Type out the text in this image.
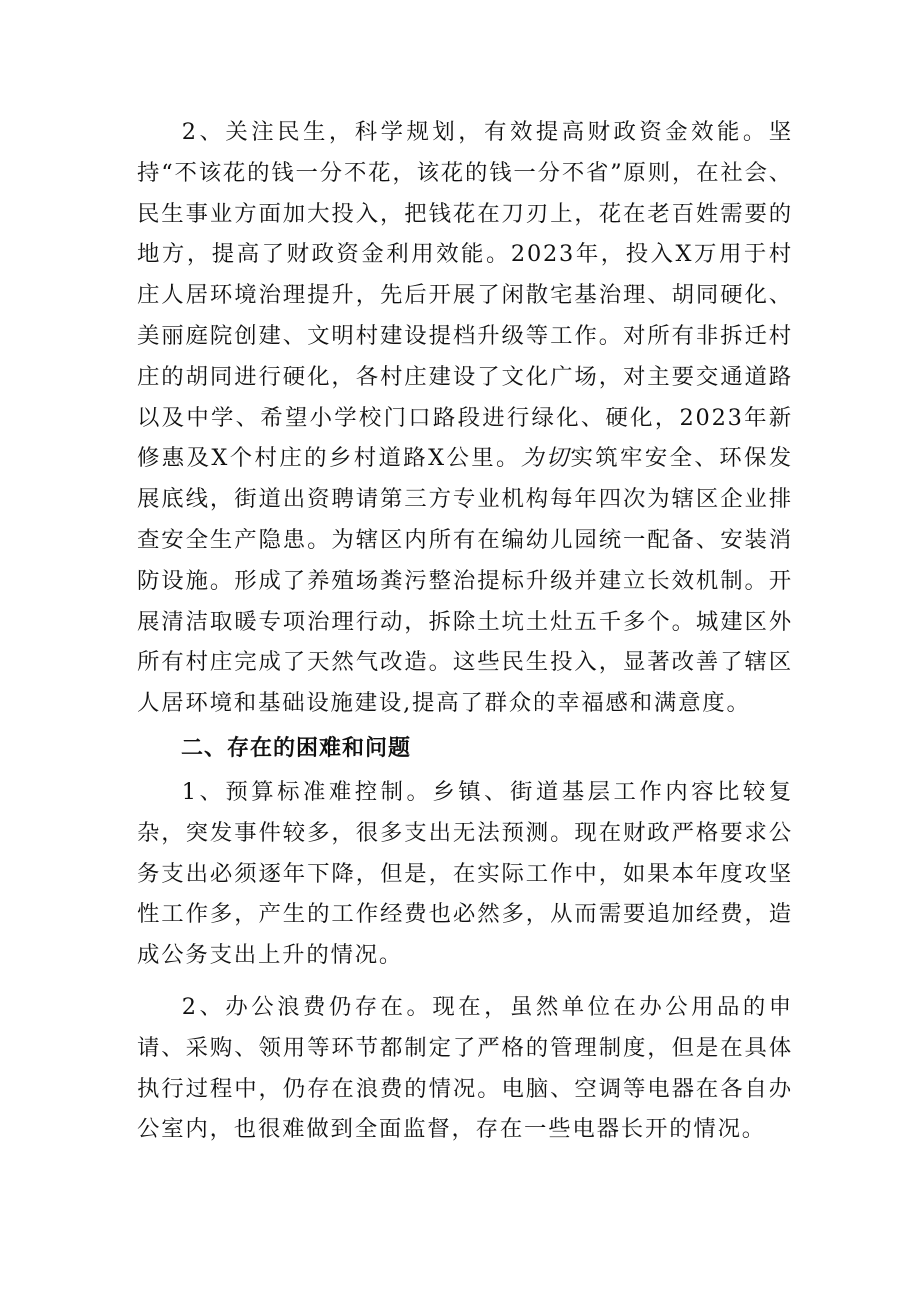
2、关注民生，科学规划，有效提高财政资金效能。坚持“不该花的钱一分不花，该花的钱一分不省”原则，在社会、民生事业方面加大投入，把钱花在刀刃上，花在老百姓需要的地方，提高了财政资金利用效能。2023年，投入X万用于村庄人居环境治理提升，先后开展了闲散宅基治理、胡同硬化、美丽庭院创建、文明村建设提档升级等工作。对所有非拆迁村庄的胡同进行硬化，各村庄建设了文化广场，对主要交通道路以及中学、希望小学校门口路段进行绿化、硬化，2023年新修惠及X个村庄的乡村道路X公里。为切实筑牢安全、环保发展底线，街道出资聘请第三方专业机构每年四次为辖区企业排查安全生产隐患。为辖区内所有在编幼儿园统一配备、安装消防设施。形成了养殖场粪污整治提标升级并建立长效机制。开展清洁取暖专项治理行动，拆除土坑土灶五千多个。城建区外所有村庄完成了天然气改造。这些民生投入，显著改善了辖区人居环境和基础设施建设,提高了群众的幸福感和满意度。

二、存在的困难和问题

1、预算标准难控制。乡镇、街道基层工作内容比较复杂，突发事件较多，很多支出无法预测。现在财政严格要求公务支出必须逐年下降，但是，在实际工作中，如果本年度攻坚性工作多，产生的工作经费也必然多，从而需要追加经费，造成公务支出上升的情况。

2、办公浪费仍存在。现在，虽然单位在办公用品的申请、采购、领用等环节都制定了严格的管理制度，但是在具体执行过程中，仍存在浪费的情况。电脑、空调等电器在各自办公室内，也很难做到全面监督，存在一些电器长开的情况。
